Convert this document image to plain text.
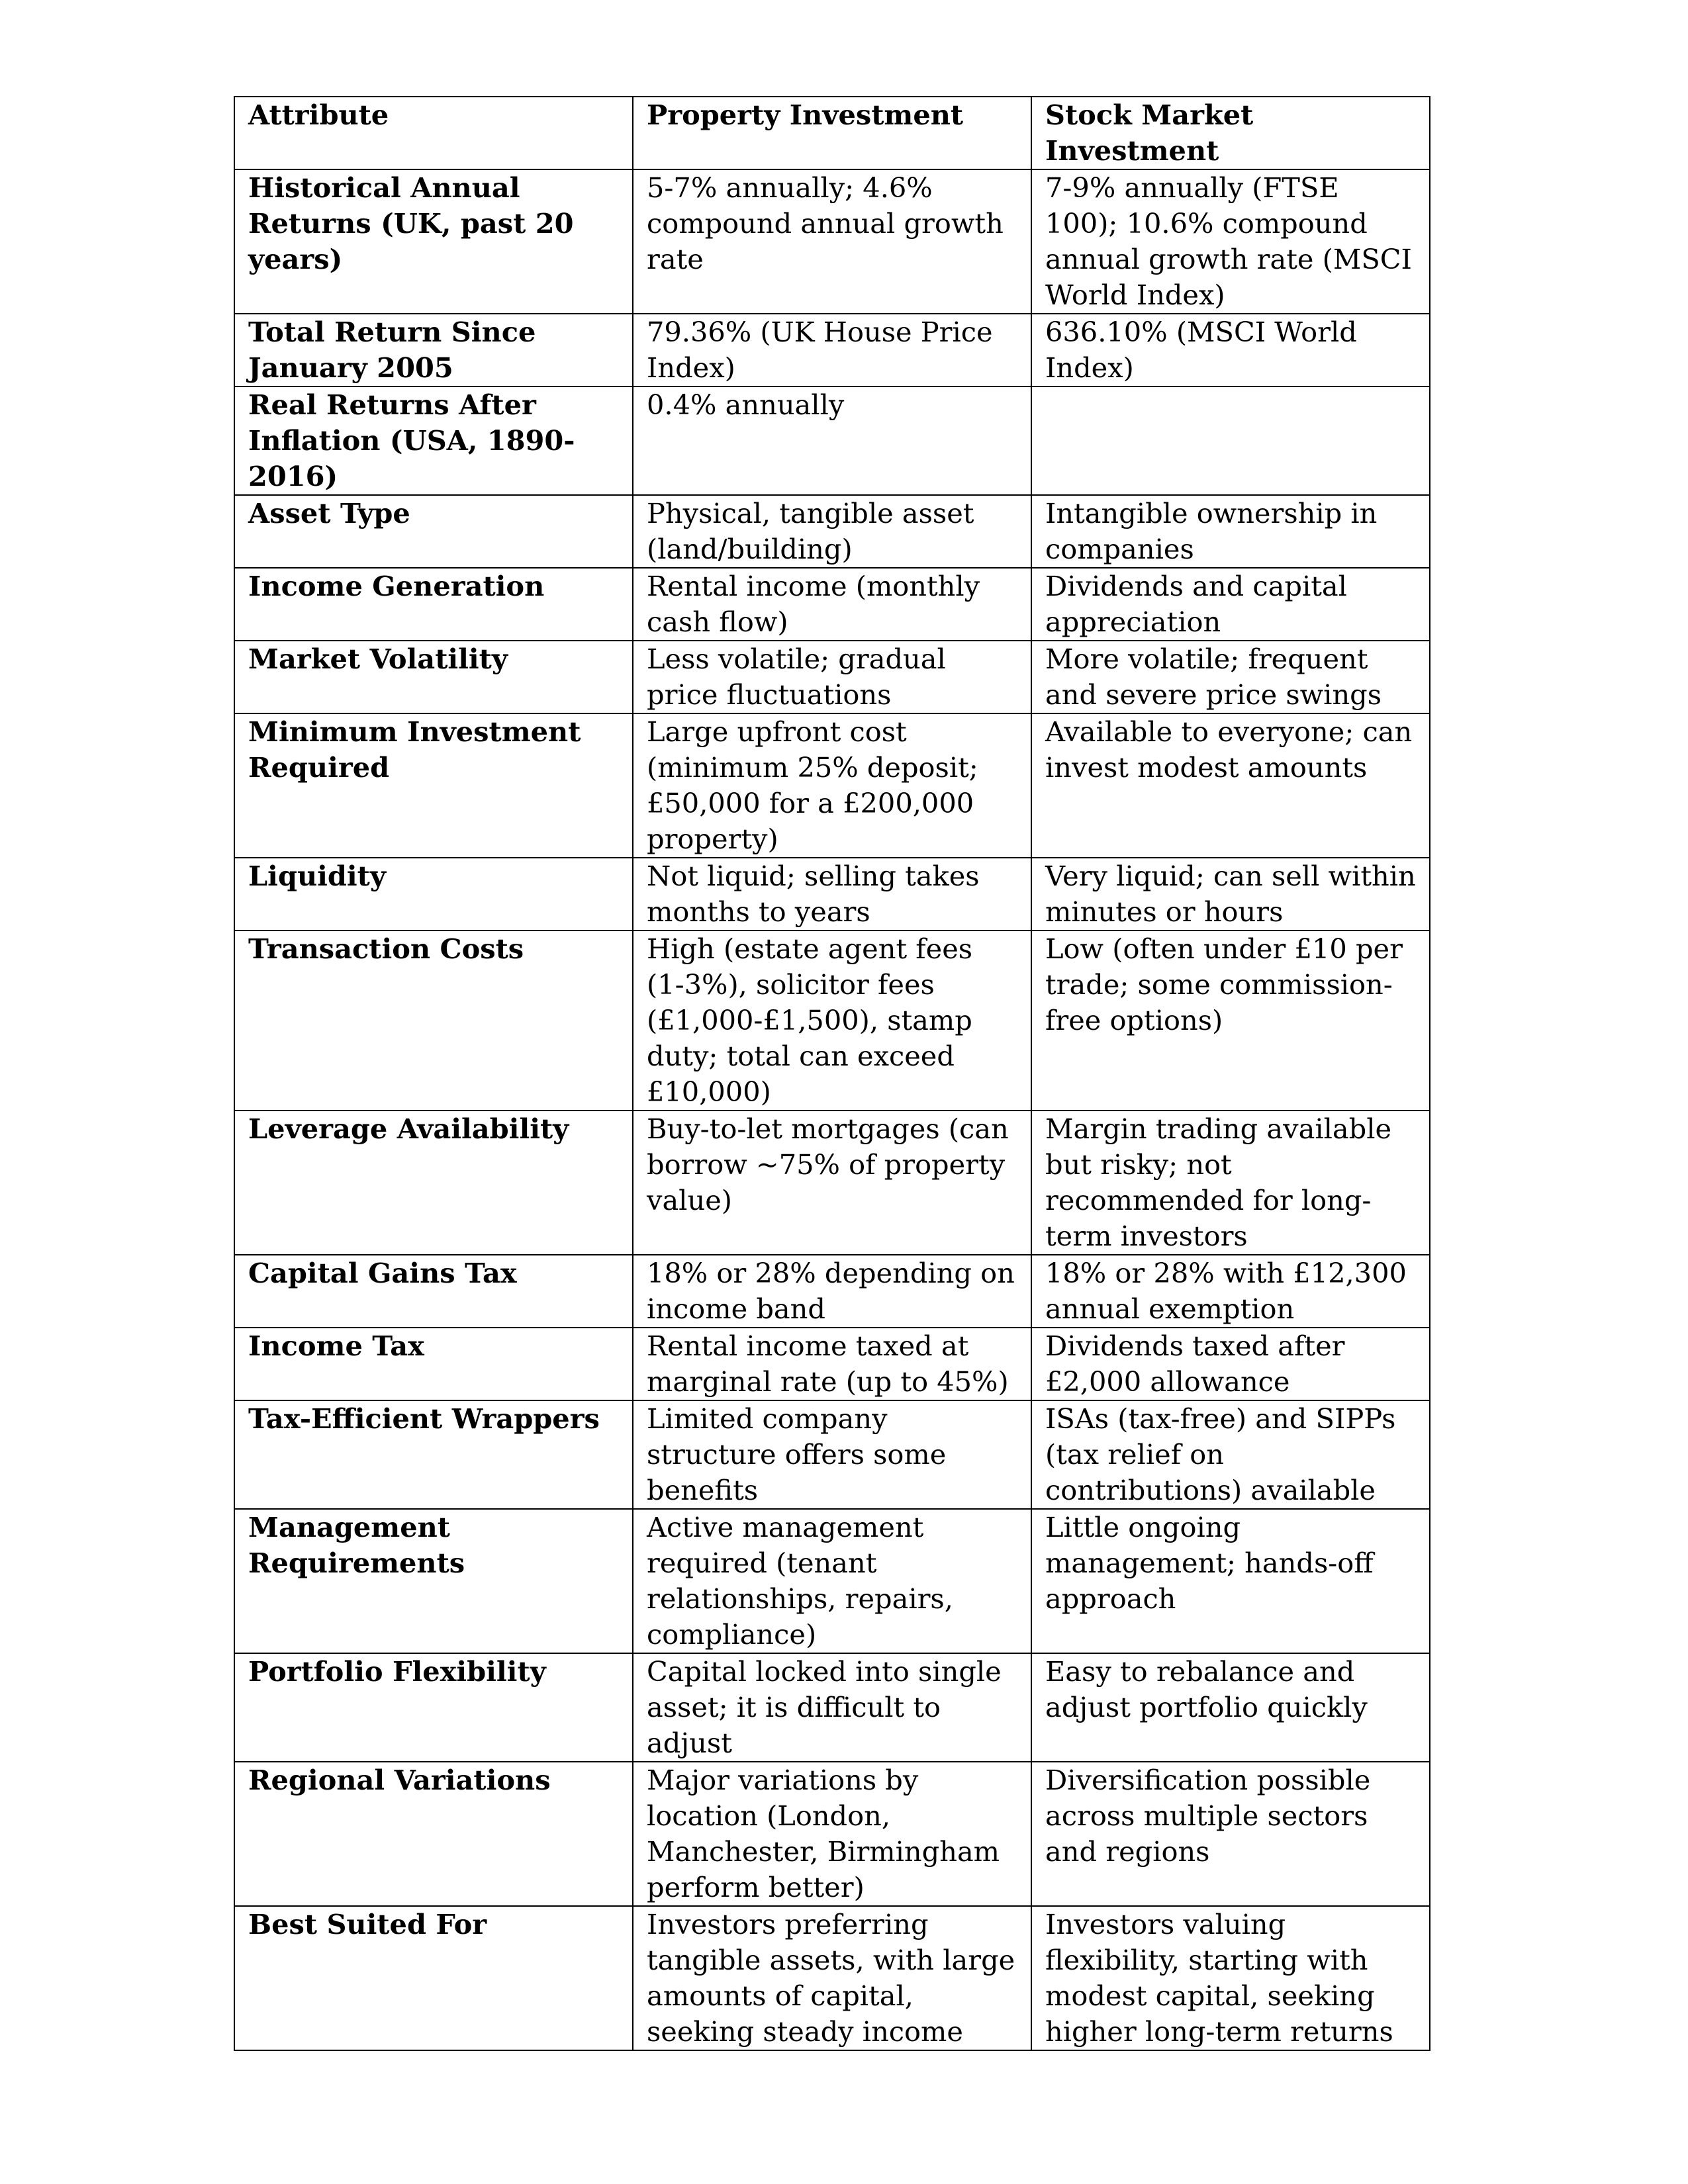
Attribute	Property Investment	Stock Market Investment
Historical Annual Returns (UK, past 20 years)	5-7% annually; 4.6% compound annual growth rate	7-9% annually (FTSE 100); 10.6% compound annual growth rate (MSCI World Index)
Total Return Since January 2005	79.36% (UK House Price Index)	636.10% (MSCI World Index)
Real Returns After Inflation (USA, 1890-2016)	0.4% annually	
Asset Type	Physical, tangible asset (land/building)	Intangible ownership in companies
Income Generation	Rental income (monthly cash flow)	Dividends and capital appreciation
Market Volatility	Less volatile; gradual price fluctuations	More volatile; frequent and severe price swings
Minimum Investment Required	Large upfront cost (minimum 25% deposit; £50,000 for a £200,000 property)	Available to everyone; can invest modest amounts
Liquidity	Not liquid; selling takes months to years	Very liquid; can sell within minutes or hours
Transaction Costs	High (estate agent fees (1-3%), solicitor fees (£1,000-£1,500), stamp duty; total can exceed £10,000)	Low (often under £10 per trade; some commission-free options)
Leverage Availability	Buy-to-let mortgages (can borrow ~75% of property value)	Margin trading available but risky; not recommended for long-term investors
Capital Gains Tax	18% or 28% depending on income band	18% or 28% with £12,300 annual exemption
Income Tax	Rental income taxed at marginal rate (up to 45%)	Dividends taxed after £2,000 allowance
Tax-Efficient Wrappers	Limited company structure offers some benefits	ISAs (tax-free) and SIPPs (tax relief on contributions) available
Management Requirements	Active management required (tenant relationships, repairs, compliance)	Little ongoing management; hands-off approach
Portfolio Flexibility	Capital locked into single asset; it is difficult to adjust	Easy to rebalance and adjust portfolio quickly
Regional Variations	Major variations by location (London, Manchester, Birmingham perform better)	Diversification possible across multiple sectors and regions
Best Suited For	Investors preferring tangible assets, with large amounts of capital, seeking steady income	Investors valuing flexibility, starting with modest capital, seeking higher long-term returns
